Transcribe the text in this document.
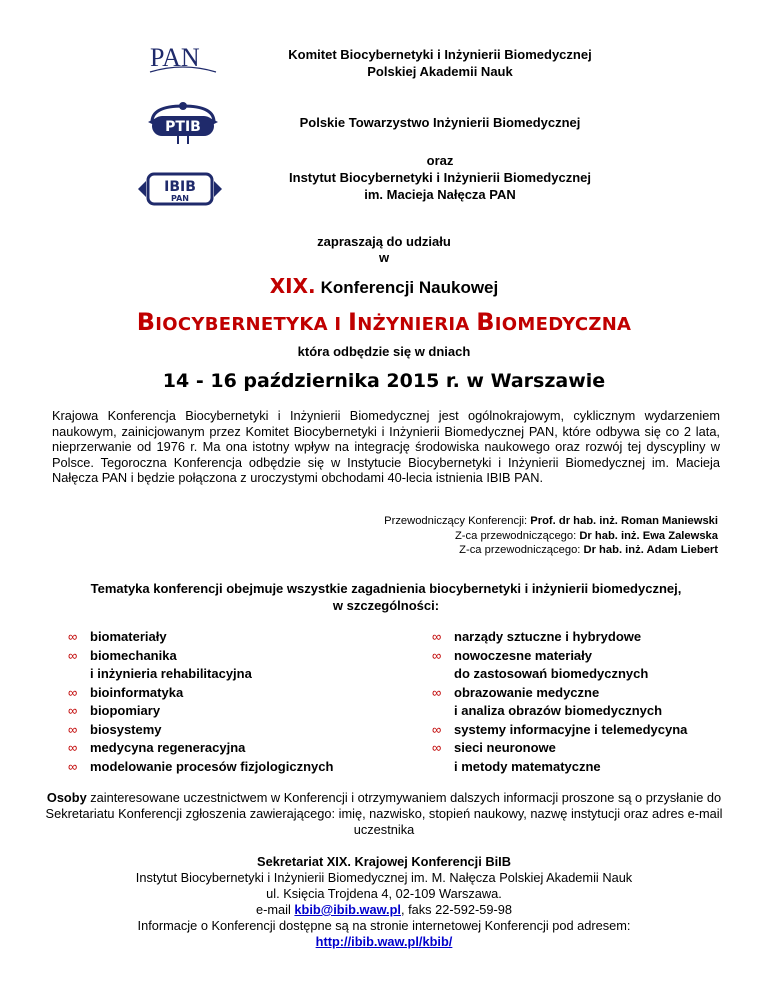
PAN
PTIB
IBIB
PAN
Komitet Biocybernetyki i Inżynierii Biomedycznej
Polskiej Akademii Nauk
Polskie Towarzystwo Inżynierii Biomedycznej
oraz
Instytut Biocybernetyki i Inżynierii Biomedycznej
im. Macieja Nałęcza PAN
zapraszają do udziału
w
XIX. Konferencji Naukowej
BIOCYBERNETYKA I INŻYNIERIA BIOMEDYCZNA
która odbędzie się w dniach
14 - 16 października 2015 r. w Warszawie
Krajowa Konferencja Biocybernetyki i Inżynierii Biomedycznej jest ogólnokrajowym, cyklicznym wydarzeniem naukowym, zainicjowanym przez Komitet Biocybernetyki i Inżynierii Biomedycznej PAN, które odbywa się co 2 lata, nieprzerwanie od 1976 r. Ma ona istotny wpływ na integrację środowiska naukowego oraz rozwój tej dyscypliny w Polsce. Tegoroczna Konferencja odbędzie się w Instytucie Biocybernetyki i Inżynierii Biomedycznej im. Macieja Nałęcza PAN i będzie połączona z uroczystymi obchodami 40-lecia istnienia IBIB PAN.
Przewodniczący Konferencji: Prof. dr hab. inż. Roman Maniewski
Z-ca przewodniczącego: Dr hab. inż. Ewa Zalewska
Z-ca przewodniczącego: Dr hab. inż. Adam Liebert
Tematyka konferencji obejmuje wszystkie zagadnienia biocybernetyki i inżynierii biomedycznej,
w szczególności:
∞ biomateriały
∞ biomechanika
i inżynieria rehabilitacyjna
∞ bioinformatyka
∞ biopomiary
∞ biosystemy
∞ medycyna regeneracyjna
∞ modelowanie procesów fizjologicznych
∞ narządy sztuczne i hybrydowe
∞ nowoczesne materiały
do zastosowań biomedycznych
∞ obrazowanie medyczne
i analiza obrazów biomedycznych
∞ systemy informacyjne i telemedycyna
∞ sieci neuronowe
i metody matematyczne
Osoby zainteresowane uczestnictwem w Konferencji i otrzymywaniem dalszych informacji proszone są o przysłanie do Sekretariatu Konferencji zgłoszenia zawierającego: imię, nazwisko, stopień naukowy, nazwę instytucji oraz adres e-mail uczestnika
Sekretariat XIX. Krajowej Konferencji BiIB
Instytut Biocybernetyki i Inżynierii Biomedycznej im. M. Nałęcza Polskiej Akademii Nauk
ul. Księcia Trojdena 4, 02-109 Warszawa.
e-mail kbib@ibib.waw.pl, faks 22-592-59-98
Informacje o Konferencji dostępne są na stronie internetowej Konferencji pod adresem:
http://ibib.waw.pl/kbib/
